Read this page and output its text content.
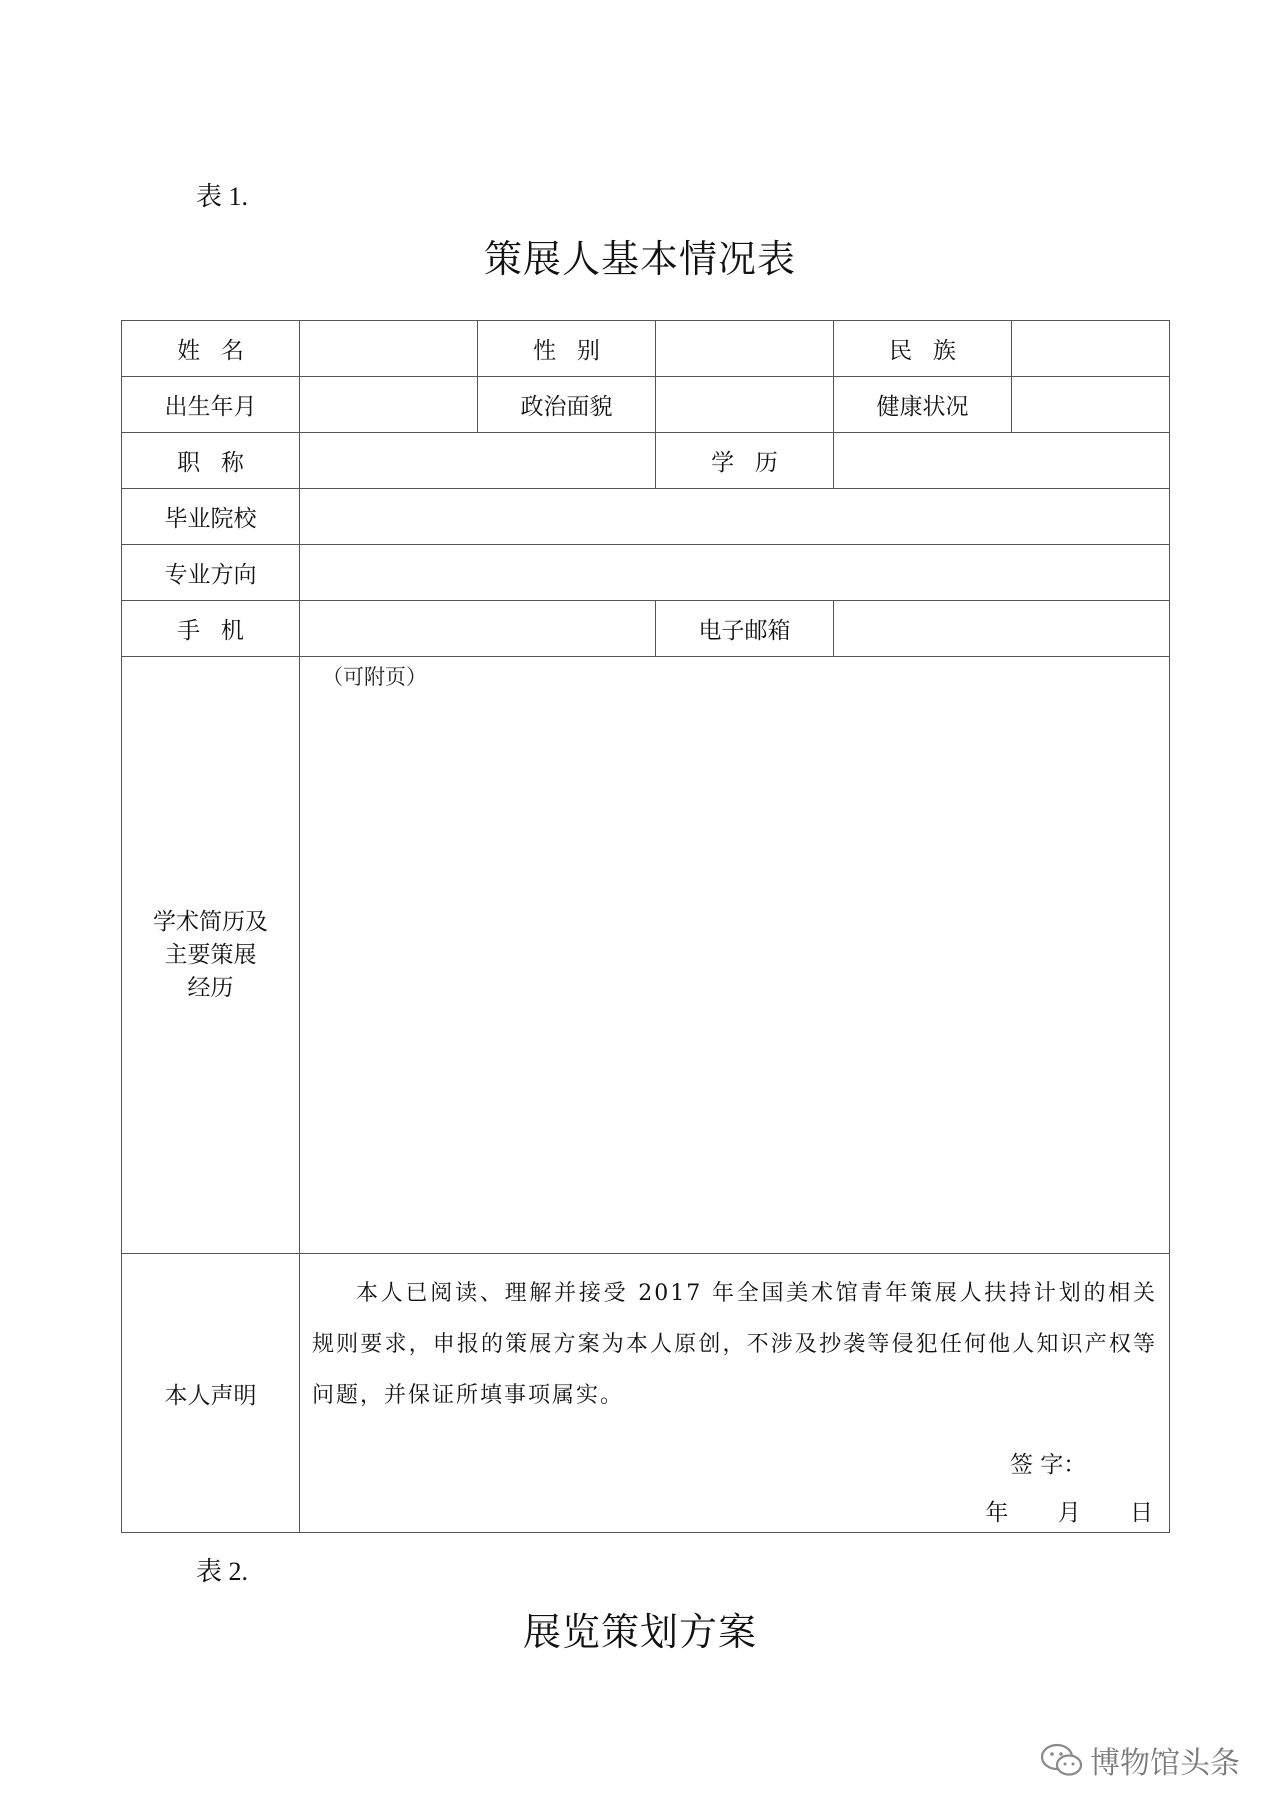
表 1.

策展人基本情况表
姓名		性别		民族	
出生年月		政治面貌		健康状况	
职称			学历		
毕业院校					
专业方向					
手机			电子邮箱		

学术简历及
主要策展
经历	（可附页）				

本人声明	本人已阅读、理解并接受 2017 年全国美术馆青年策展人扶持计划的相关规则要求，申报的策展方案为本人原创，不涉及抄袭等侵犯任何他人知识产权等问题，并保证所填事项属实。

签 字：
年 月 日				

表 2.

展览策划方案
博物馆头条
